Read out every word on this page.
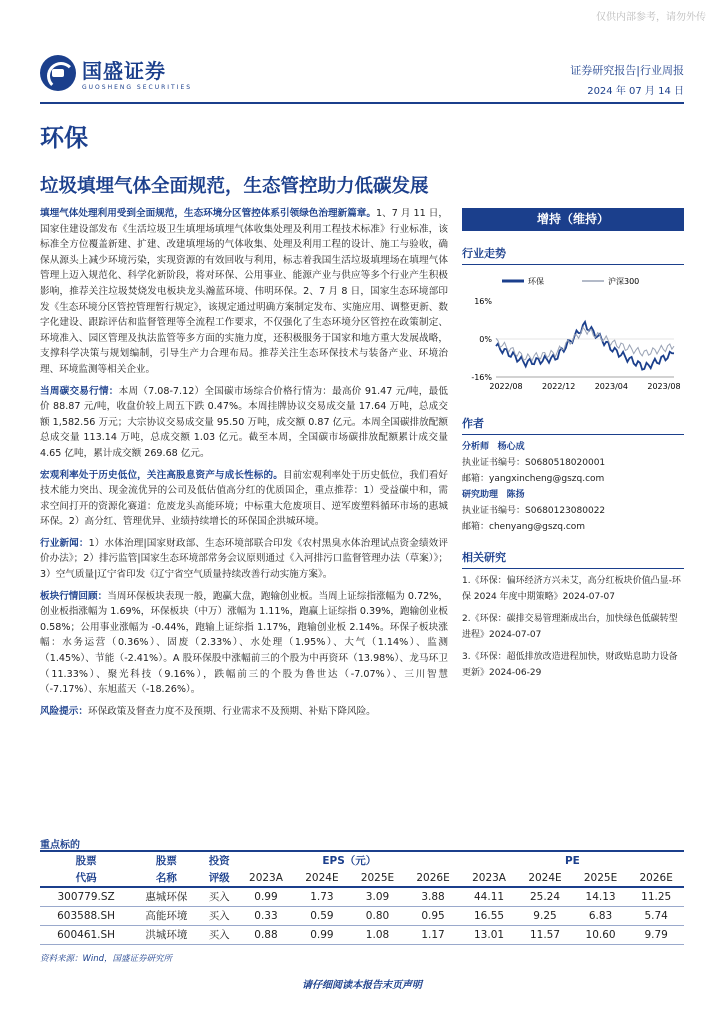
仅供内部参考，请勿外传
国盛证券
GUOSHENG SECURITIES
证券研究报告|行业周报
2024 年 07 月 14 日
环保
垃圾填埋气体全面规范，生态管控助力低碳发展

填埋气体处理利用受到全面规范，生态环境分区管控体系引领绿色治理新篇章。1、7 月 11 日，国家住建设部发布《生活垃圾卫生填埋场填埋气体收集处理及利用工程技术标准》行业标准，该标准全方位覆盖新建、扩建、改建填埋场的气体收集、处理及利用工程的设计、施工与验收，确保从源头上减少环境污染，实现资源的有效回收与利用，标志着我国生活垃圾填埋场在填埋气体管理上迈入规范化、科学化新阶段，将对环保、公用事业、能源产业与供应等多个行业产生积极影响，推荐关注垃圾焚烧发电板块龙头瀚蓝环境、伟明环保。2、7 月 8 日，国家生态环境部印发《生态环境分区管控管理暂行规定》，该规定通过明确方案制定发布、实施应用、调整更新、数字化建设、跟踪评估和监督管理等全流程工作要求，不仅强化了生态环境分区管控在政策制定、环境准入、园区管理及执法监管等多方面的实施力度，还积极服务于国家和地方重大发展战略，支撑科学决策与规划编制，引导生产力合理布局。推荐关注生态环保技术与装备产业、环境治理、环境监测等相关企业。

当周碳交易行情：本周（7.08-7.12）全国碳市场综合价格行情为：最高价 91.47 元/吨，最低价 88.87 元/吨，收盘价较上周五下跌 0.47%。本周挂牌协议交易成交量 17.64 万吨，总成交额 1,582.56 万元；大宗协议交易成交量 95.50 万吨，成交额 0.87 亿元。本周全国碳排放配额总成交量 113.14 万吨，总成交额 1.03 亿元。截至本周，全国碳市场碳排放配额累计成交量 4.65 亿吨，累计成交额 269.68 亿元。

宏观利率处于历史低位，关注高股息资产与成长性标的。目前宏观利率处于历史低位，我们看好技术能力突出、现金流优异的公司及低估值高分红的优质国企，重点推荐：1）受益碳中和，需求空间打开的资源化赛道：危废龙头高能环境；中标重大危废项目、逆军废塑料循环市场的惠城环保。2）高分红、管理优异、业绩持续增长的环保国企洪城环境。

行业新闻：1）水体治理|国家财政部、生态环境部联合印发《农村黑臭水体治理试点资金绩效评价办法》；2）排污监管|国家生态环境部常务会议原则通过《入河排污口监督管理办法（草案）》；3）空气质量|辽宁省印发《辽宁省空气质量持续改善行动实施方案》。

板块行情回顾：当周环保板块表现一般，跑赢大盘，跑输创业板。当周上证综指涨幅为 0.72%，创业板指涨幅为 1.69%，环保板块（中万）涨幅为 1.11%，跑赢上证综指 0.39%，跑输创业板 0.58%；公用事业涨幅为 -0.44%，跑输上证综指 1.17%，跑输创业板 2.14%。环保子板块涨幅：水务运营（0.36%）、固废（2.33%）、水处理（1.95%）、大气（1.14%）、监测（1.45%）、节能（-2.41%）。A 股环保股中涨幅前三的个股为中再资环（13.98%）、龙马环卫（11.33%）、聚光科技（9.16%），跌幅前三的个股为鲁世达（-7.07%）、三川智慧（-7.17%）、东旭蓝天（-18.26%）。

风险提示：环保政策及督查力度不及预期、行业需求不及预期、补贴下降风险。

增持（维持）
行业走势
环保	沪深300
16%
0%
-16%
2022/08 2022/12 2023/04 2023/08
作者
分析师 杨心成
执业证书编号：S0680518020001
邮箱：yangxincheng@gszq.com
研究助理 陈扬
执业证书编号：S0680123080022
邮箱：chenyang@gszq.com
相关研究
1.《环保：偏环经济方兴未艾，高分红板块价值凸显-环保 2024 年度中期策略》2024-07-07
2.《环保：碳排交易管理渐成出台，加快绿色低碳转型进程》2024-07-07
3.《环保：超低排放改造进程加快，财政贴息助力设备更新》2024-06-29
重点标的
股票	股票	投资	EPS（元）				PE			
代码	名称	评级	2023A	2024E	2025E	2026E	2023A	2024E	2025E	2026E
300779.SZ	惠城环保	买入	0.99	1.73	3.09	3.88	44.11	25.24	14.13	11.25
603588.SH	高能环境	买入	0.33	0.59	0.80	0.95	16.55	9.25	6.83	5.74
600461.SH	洪城环境	买入	0.88	0.99	1.08	1.17	13.01	11.57	10.60	9.79
资料来源：Wind，国盛证券研究所
请仔细阅读本报告末页声明
